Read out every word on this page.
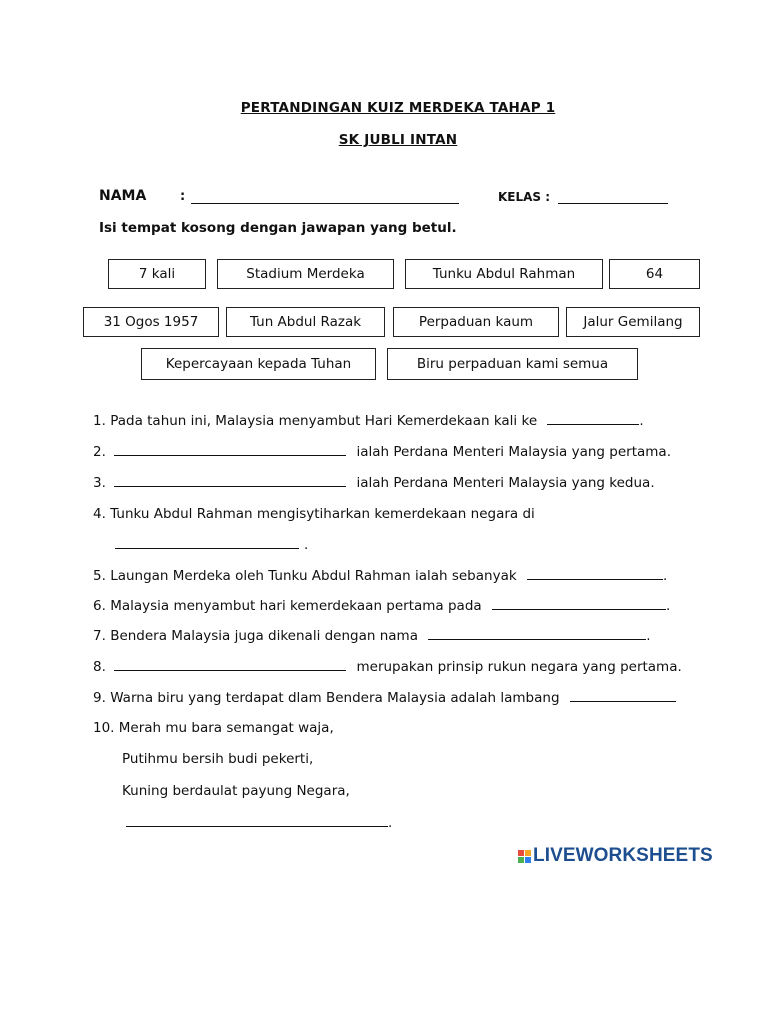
PERTANDINGAN KUIZ MERDEKA TAHAP 1
SK JUBLI INTAN
NAMA	:	KELAS :
Isi tempat kosong dengan jawapan yang betul.
7 kali	Stadium Merdeka	Tunku Abdul Rahman	64
31 Ogos 1957	Tun Abdul Razak	Perpaduan kaum	Jalur Gemilang
Kepercayaan kepada Tuhan	Biru perpaduan kami semua
1. Pada tahun ini, Malaysia menyambut Hari Kemerdekaan kali ke	.
2.	ialah Perdana Menteri Malaysia yang pertama.
3.	ialah Perdana Menteri Malaysia yang kedua.
4. Tunku Abdul Rahman mengisytiharkan kemerdekaan negara di
.
5. Laungan Merdeka oleh Tunku Abdul Rahman ialah sebanyak	.
6. Malaysia menyambut hari kemerdekaan pertama pada	.
7. Bendera Malaysia juga dikenali dengan nama	.
8.	merupakan prinsip rukun negara yang pertama.
9. Warna biru yang terdapat dlam Bendera Malaysia adalah lambang
10. Merah mu bara semangat waja,
Putihmu bersih budi pekerti,
Kuning berdaulat payung Negara,
.
LIVEWORKSHEETS
